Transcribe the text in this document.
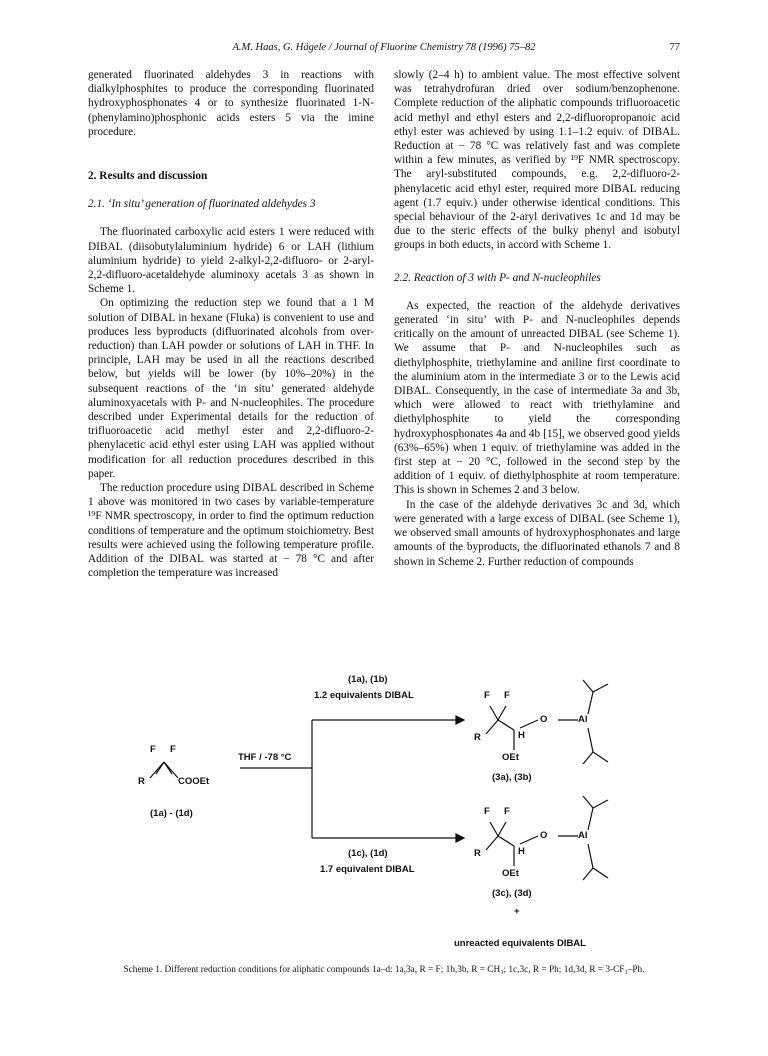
A.M. Haas, G. Hägele / Journal of Fluorine Chemistry 78 (1996) 75–82	77

generated fluorinated aldehydes 3 in reactions with dialkylphosphites to produce the corresponding fluorinated hydroxyphosphonates 4 or to synthesize fluorinated 1-N-(phenylamino)phosphonic acids esters 5 via the imine procedure.

2. Results and discussion
2.1. ‘In situ’ generation of fluorinated aldehydes 3

The fluorinated carboxylic acid esters 1 were reduced with DIBAL (diisobutylaluminium hydride) 6 or LAH (lithium aluminium hydride) to yield 2-alkyl-2,2-difluoro- or 2-aryl-2,2-difluoro-acetaldehyde aluminoxy acetals 3 as shown in Scheme 1.

On optimizing the reduction step we found that a 1 M solution of DIBAL in hexane (Fluka) is convenient to use and produces less byproducts (difluorinated alcohols from over-reduction) than LAH powder or solutions of LAH in THF. In principle, LAH may be used in all the reactions described below, but yields will be lower (by 10%–20%) in the subsequent reactions of the ‘in situ’ generated aldehyde aluminoxyacetals with P- and N-nucleophiles. The procedure described under Experimental details for the reduction of trifluoroacetic acid methyl ester and 2,2-difluoro-2-phenylacetic acid ethyl ester using LAH was applied without modification for all reduction procedures described in this paper.

The reduction procedure using DIBAL described in Scheme 1 above was monitored in two cases by variable-temperature ¹⁹F NMR spectroscopy, in order to find the optimum reduction conditions of temperature and the optimum stoichiometry. Best results were achieved using the following temperature profile. Addition of the DIBAL was started at − 78 °C and after completion the temperature was increased

slowly (2–4 h) to ambient value. The most effective solvent was tetrahydrofuran dried over sodium/benzophenone. Complete reduction of the aliphatic compounds trifluoroacetic acid methyl and ethyl esters and 2,2-difluoropropanoic acid ethyl ester was achieved by using 1.1–1.2 equiv. of DIBAL. Reduction at − 78 °C was relatively fast and was complete within a few minutes, as verified by ¹⁹F NMR spectroscopy. The aryl-substituted compounds, e.g. 2,2-difluoro-2-phenylacetic acid ethyl ester, required more DIBAL reducing agent (1.7 equiv.) under otherwise identical conditions. This special behaviour of the 2-aryl derivatives 1c and 1d may be due to the steric effects of the bulky phenyl and isobutyl groups in both educts, in accord with Scheme 1.

2.2. Reaction of 3 with P- and N-nucleophiles

As expected, the reaction of the aldehyde derivatives generated ‘in situ’ with P- and N-nucleophiles depends critically on the amount of unreacted DIBAL (see Scheme 1). We assume that P- and N-nucleophiles such as diethylphosphite, triethylamine and aniline first coordinate to the aluminium atom in the intermediate 3 or to the Lewis acid DIBAL. Consequently, in the case of intermediate 3a and 3b, which were allowed to react with triethylamine and diethylphosphite to yield the corresponding hydroxyphosphonates 4a and 4b [15], we observed good yields (63%–65%) when 1 equiv. of triethylamine was added in the first step at − 20 °C, followed in the second step by the addition of 1 equiv. of diethylphosphite at room temperature. This is shown in Schemes 2 and 3 below.

In the case of the aldehyde derivatives 3c and 3d, which were generated with a large excess of DIBAL (see Scheme 1), we observed small amounts of hydroxyphosphonates and large amounts of the byproducts, the difluorinated ethanols 7 and 8 shown in Scheme 2. Further reduction of compounds

(1a), (1b)
1.2 equivalents DIBAL
THF / -78 °C
(1c), (1d)
1.7 equivalent DIBAL
F F
R	COOEt
(1a) - (1d)
F F
R	H
O	Al
OEt
(3a), (3b)
F F
R	H
O	Al
OEt
(3c), (3d)
+
unreacted equivalents DIBAL
Scheme 1. Different reduction conditions for aliphatic compounds 1a–d: 1a,3a, R = F; 1b,3b, R = CH₃; 1c,3c, R = Ph; 1d,3d, R = 3-CF₃–Ph.
